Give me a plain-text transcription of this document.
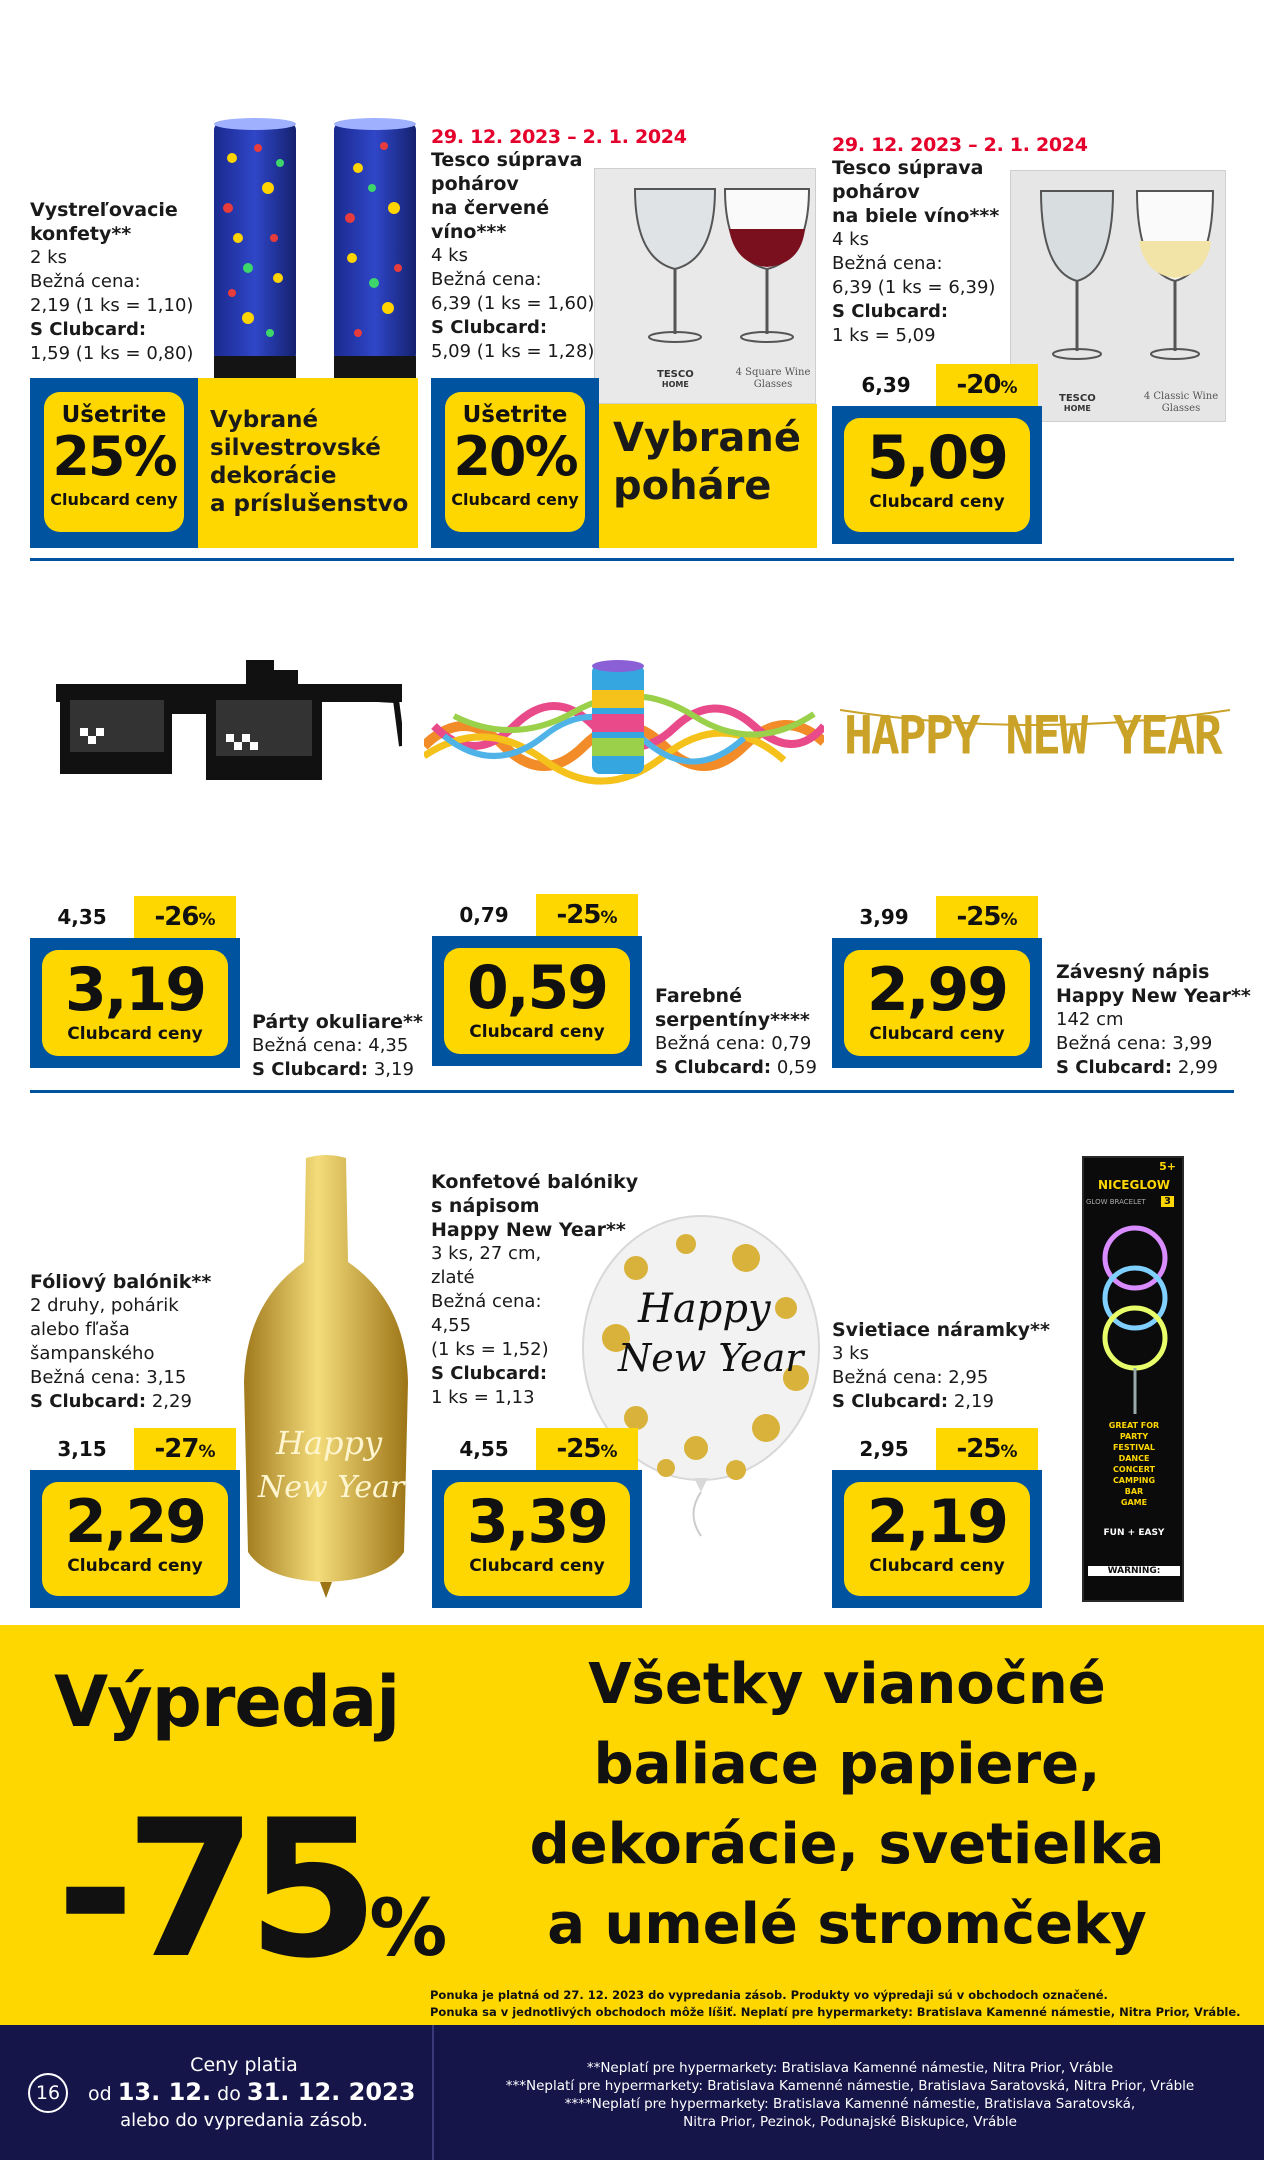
Vystreľovacie konfety**
2 ks
Bežná cena:
2,19 (1 ks = 1,10)
S Clubcard:
1,59 (1 ks = 0,80)
Ušetrite
25%
Clubcard ceny
Vybrané
silvestrovské
dekorácie
a príslušenstvo
29. 12. 2023 – 2. 1. 2024
Tesco súprava
pohárov
na červené
víno***
4 ks
Bežná cena:
6,39 (1 ks = 1,60)
S Clubcard:
5,09 (1 ks = 1,28)
TESCO
HOME
4 Square Wine Glasses
Ušetrite
20%
Clubcard ceny
Vybrané
poháre
29. 12. 2023 – 2. 1. 2024
Tesco súprava
pohárov
na biele víno***
4 ks
Bežná cena:
6,39 (1 ks = 6,39)
S Clubcard:
1 ks = 5,09
TESCO
HOME
4 Classic Wine Glasses
6,39	-20%
5,09
Clubcard ceny
4,35	-26%
3,19
Clubcard ceny
Párty okuliare**
Bežná cena: 4,35
S Clubcard: 3,19
0,79	-25%
0,59
Clubcard ceny
Farebné
serpentíny****
Bežná cena: 0,79
S Clubcard: 0,59
HAPPY NEW YEAR
3,99	-25%
2,99
Clubcard ceny
Závesný nápis
Happy New Year**
142 cm
Bežná cena: 3,99
S Clubcard: 2,99
Fóliový balónik**
2 druhy, pohárik
alebo fľaša
šampanského
Bežná cena: 3,15
S Clubcard: 2,29
Happy
New Year
3,15	-27%
2,29
Clubcard ceny
Konfetové balóniky
s nápisom
Happy New Year**
3 ks, 27 cm,
zlaté
Bežná cena:
4,55
(1 ks = 1,52)
S Clubcard:
1 ks = 1,13
Happy
New Year
4,55	-25%
3,39
Clubcard ceny
Svietiace náramky**
3 ks
Bežná cena: 2,95
S Clubcard: 2,19
5+
NICEGLOW
GLOW BRACELET	3
GREAT FOR
PARTY
FESTIVAL
DANCE
CONCERT
CAMPING
BAR
GAME
FUN + EASY
WARNING:
2,95	-25%
2,19
Clubcard ceny
Výpredaj
-75%
Všetky vianočné
baliace papiere,
dekorácie, svetielka
a umelé stromčeky
Ponuka je platná od 27. 12. 2023 do vypredania zásob. Produkty vo výpredaji sú v obchodoch označené.
Ponuka sa v jednotlivých obchodoch môže líšiť. Neplatí pre hypermarkety: Bratislava Kamenné námestie, Nitra Prior, Vráble.
16
Ceny platia
od 13. 12. do 31. 12. 2023
alebo do vypredania zásob.
**Neplatí pre hypermarkety: Bratislava Kamenné námestie, Nitra Prior, Vráble
***Neplatí pre hypermarkety: Bratislava Kamenné námestie, Bratislava Saratovská, Nitra Prior, Vráble
****Neplatí pre hypermarkety: Bratislava Kamenné námestie, Bratislava Saratovská,
Nitra Prior, Pezinok, Podunajské Biskupice, Vráble
